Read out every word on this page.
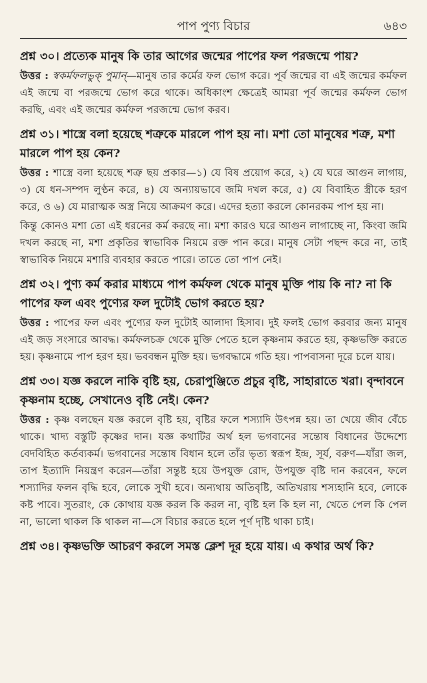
পাপ পুণ্য বিচার	৬৪৩
প্রশ্ন ৩০। প্রত্যেক মানুষ কি তার আগের জন্মের পাপের ফল পরজন্মে পায়?
উত্তর : স্বকর্মফলভুক্‌ পুমান্‌—মানুষ তার কর্মের ফল ভোগ করে। পূর্ব জন্মের বা এই জন্মের কর্মফল এই জন্মে বা পরজন্মে ভোগ করে থাকে। অধিকাংশ ক্ষেত্রেই আমরা পূর্ব জন্মের কর্মফল ভোগ করছি, এবং এই জন্মের কর্মফল পরজন্মে ভোগ করব।
প্রশ্ন ৩১। শাস্ত্রে বলা হয়েছে শত্রুকে মারলে পাপ হয় না। মশা তো মানুষের শত্রু, মশা মারলে পাপ হয় কেন?
উত্তর : শাস্ত্রে বলা হয়েছে শত্রু ছয় প্রকার—১) যে বিষ প্রয়োগ করে, ২) যে ঘরে আগুন লাগায়, ৩) যে ধন-সম্পদ লুণ্ঠন করে, ৪) যে অন্যায়ভাবে জমি দখল করে, ৫) যে বিবাহিত স্ত্রীকে হরণ করে, ও ৬) যে মারাত্মক অস্ত্র নিয়ে আক্রমণ করে। এদের হত্যা করলে কোনরকম পাপ হয় না।
কিন্তু কোনও মশা তো এই ধরনের কর্ম করছে না। মশা কারও ঘরে আগুন লাগাচ্ছে না, কিংবা জমি দখল করছে না, মশা প্রকৃতির স্বাভাবিক নিয়মে রক্ত পান করে। মানুষ সেটা পছন্দ করে না, তাই স্বাভাবিক নিয়মে মশারি ব্যবহার করতে পারে। তাতে তো পাপ নেই।
প্রশ্ন ৩২। পুণ্য কর্ম করার মাধ্যমে পাপ কর্মফল থেকে মানুষ মুক্তি পায় কি না? না কি পাপের ফল এবং পুণ্যের ফল দুটোই ভোগ করতে হয়?
উত্তর : পাপের ফল এবং পুণ্যের ফল দুটোই আলাদা হিসাব। দুই ফলই ভোগ করবার জন্য মানুষ এই জড় সংসারে আবদ্ধ। কর্মফলচক্র থেকে মুক্তি পেতে হলে কৃষ্ণনাম করতে হয়, কৃষ্ণভক্তি করতে হয়। কৃষ্ণনামে পাপ হরণ হয়। ভববন্ধন মুক্তি হয়। ভগবদ্ধামে গতি হয়। পাপবাসনা দূরে চলে যায়।
প্রশ্ন ৩৩। যজ্ঞ করলে নাকি বৃষ্টি হয়, চেরাপুঞ্জিতে প্রচুর বৃষ্টি, সাহারাতে খরা। বৃন্দাবনে কৃষ্ণনাম হচ্ছে, সেখানেও বৃষ্টি নেই। কেন?
উত্তর : কৃষ্ণ বলছেন যজ্ঞ করলে বৃষ্টি হয়, বৃষ্টির ফলে শস্যাদি উৎপন্ন হয়। তা খেয়ে জীব বেঁচে থাকে। খাদ্য বস্তুটি কৃষ্ণের দান। যজ্ঞ কথাটির অর্থ হল ভগবানের সন্তোষ বিধানের উদ্দেশ্যে বেদবিহিত কর্তব্যকর্ম। ভগবানের সন্তোষ বিধান হলে তাঁর ভৃত্য স্বরূপ ইন্দ্র, সূর্য, বরুণ—যাঁরা জল, তাপ ইত্যাদি নিয়ন্ত্রণ করেন—তাঁরা সন্তুষ্ট হয়ে উপযুক্ত রোদ, উপযুক্ত বৃষ্টি দান করবেন, ফলে শস্যাদির ফলন বৃদ্ধি হবে, লোকে সুখী হবে। অন্যথায় অতিবৃষ্টি, অতিখরায় শস্যহানি হবে, লোকে কষ্ট পাবে। সুতরাং, কে কোথায় যজ্ঞ করল কি করল না, বৃষ্টি হল কি হল না, খেতে পেল কি পেল না, ভালো থাকল কি থাকল না—সে বিচার করতে হলে পূর্ণ দৃষ্টি থাকা চাই।
প্রশ্ন ৩৪। কৃষ্ণভক্তি আচরণ করলে সমস্ত ক্লেশ দূর হয়ে যায়। এ কথার অর্থ কি?
